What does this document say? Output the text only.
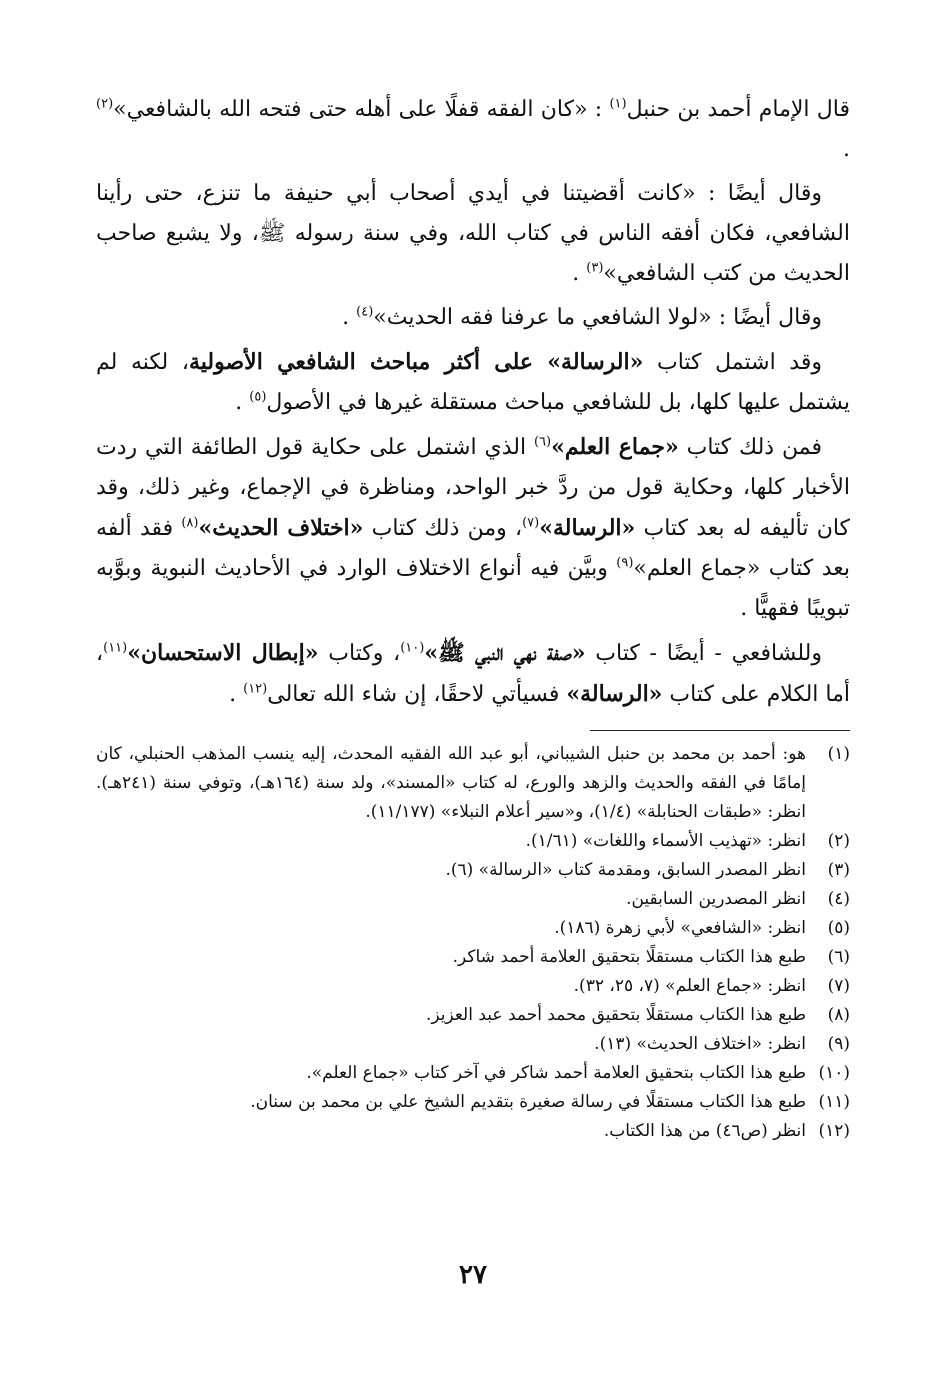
قال الإمام أحمد بن حنبل$^{(١)}$ : «كان الفقه قفلًا على أهله حتى فتحه الله بالشافعي»$^{(٢)}$ .

وقال أيضًا : «كانت أقضيتنا في أيدي أصحاب أبي حنيفة ما تنزع، حتى رأينا الشافعي، فكان أفقه الناس في كتاب الله، وفي سنة رسوله ﷺ، ولا يشبع صاحب الحديث من كتب الشافعي»$^{(٣)}$ .

وقال أيضًا : «لولا الشافعي ما عرفنا فقه الحديث»$^{(٤)}$ .

وقد اشتمل كتاب «الرسالة» على أكثر مباحث الشافعي الأصولية، لكنه لم يشتمل عليها كلها، بل للشافعي مباحث مستقلة غيرها في الأصول$^{(٥)}$ .

فمن ذلك كتاب «جماع العلم»$^{(٦)}$ الذي اشتمل على حكاية قول الطائفة التي ردت الأخبار كلها، وحكاية قول من ردَّ خبر الواحد، ومناظرة في الإجماع، وغير ذلك، وقد كان تأليفه له بعد كتاب «الرسالة»$^{(٧)}$، ومن ذلك كتاب «اختلاف الحديث»$^{(٨)}$ فقد ألفه بعد كتاب «جماع العلم»$^{(٩)}$ وبيَّن فيه أنواع الاختلاف الوارد في الأحاديث النبوية وبوَّبه تبويبًا فقهيًّا .

وللشافعي - أيضًا - كتاب «صفة نهي النبي ﷺ»$^{(١٠)}$، وكتاب «إبطال الاستحسان»$^{(١١)}$، أما الكلام على كتاب «الرسالة» فسيأتي لاحقًا، إن شاء الله تعالى$^{(١٢)}$ .

(١)
هو: أحمد بن محمد بن حنبل الشيباني، أبو عبد الله الفقيه المحدث، إليه ينسب المذهب الحنبلي، كان إمامًا في الفقه والحديث والزهد والورع، له كتاب «المسند»، ولد سنة (١٦٤هـ)، وتوفي سنة (٢٤١هـ). انظر: «طبقات الحنابلة» (١/٤)، و«سير أعلام النبلاء» (١١/١٧٧).
(٢)
انظر: «تهذيب الأسماء واللغات» (١/٦١).
(٣)
انظر المصدر السابق، ومقدمة كتاب «الرسالة» (٦).
(٤)
انظر المصدرين السابقين.
(٥)
انظر: «الشافعي» لأبي زهرة (١٨٦).
(٦)
طبع هذا الكتاب مستقلًا بتحقيق العلامة أحمد شاكر.
(٧)
انظر: «جماع العلم» (٧، ٢٥، ٣٢).
(٨)
طبع هذا الكتاب مستقلًا بتحقيق محمد أحمد عبد العزيز.
(٩)
انظر: «اختلاف الحديث» (١٣).
(١٠)
طبع هذا الكتاب بتحقيق العلامة أحمد شاكر في آخر كتاب «جماع العلم».
(١١)
طبع هذا الكتاب مستقلًا في رسالة صغيرة بتقديم الشيخ علي بن محمد بن سنان.
(١٢)
انظر (ص٤٦) من هذا الكتاب.
٢٧
